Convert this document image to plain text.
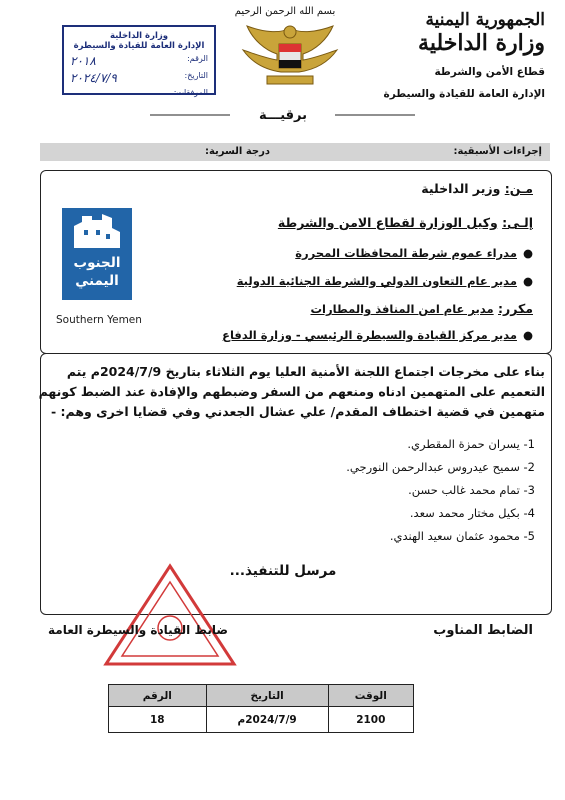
الجمهورية اليمنية
وزارة الداخلية
قطاع الأمن والشرطة
الإدارة العامة للقيادة والسيطرة
بسم الله الرحمن الرحيم
وزارة الداخلية
الإدارة العامة للقيادة والسيطرة
الرقم:
٢٠١٨
التاريخ:
٢٠٢٤/٧/٩
المرفقات:
برقيـــة
إجراءات الأسبقية:
درجة السرية:
مـن: وزير الداخلية
إلـى: وكيل الوزارة لقطاع الامن والشرطة
●مدراء عموم شرطة المحافظات المحررة
●مدير عام التعاون الدولي والشرطة الجنائية الدولية
مكرر: مدير عام امن المنافذ والمطارات
●مدير مركز القيادة والسيطرة الرئيسي - وزارة الدفاع
الجنوب
اليمني
Southern Yemen

بناء على مخرجات اجتماع اللجنة الأمنية العليا يوم الثلاثاء بتاريخ 2024/7/9م يتم

التعميم على المتهمين ادناه ومنعهم من السفر وضبطهم والإفادة عند الضبط كونهم

متهمين في قضية اختطاف المقدم/ علي عشال الجعدني وفي قضايا اخرى وهم: -

1- يسران حمزة المقطري.
2- سميح عيدروس عبدالرحمن النورجي.
3- تمام محمد غالب حسن.
4- بكيل مختار محمد سعد.
5- محمود عثمان سعيد الهندي.
مرسل للتنفيذ...
الضابط المناوب
ضابط القيادة والسيطرة العامة
الوقت	التاريخ	الرقم
2100	2024/7/9م	18
